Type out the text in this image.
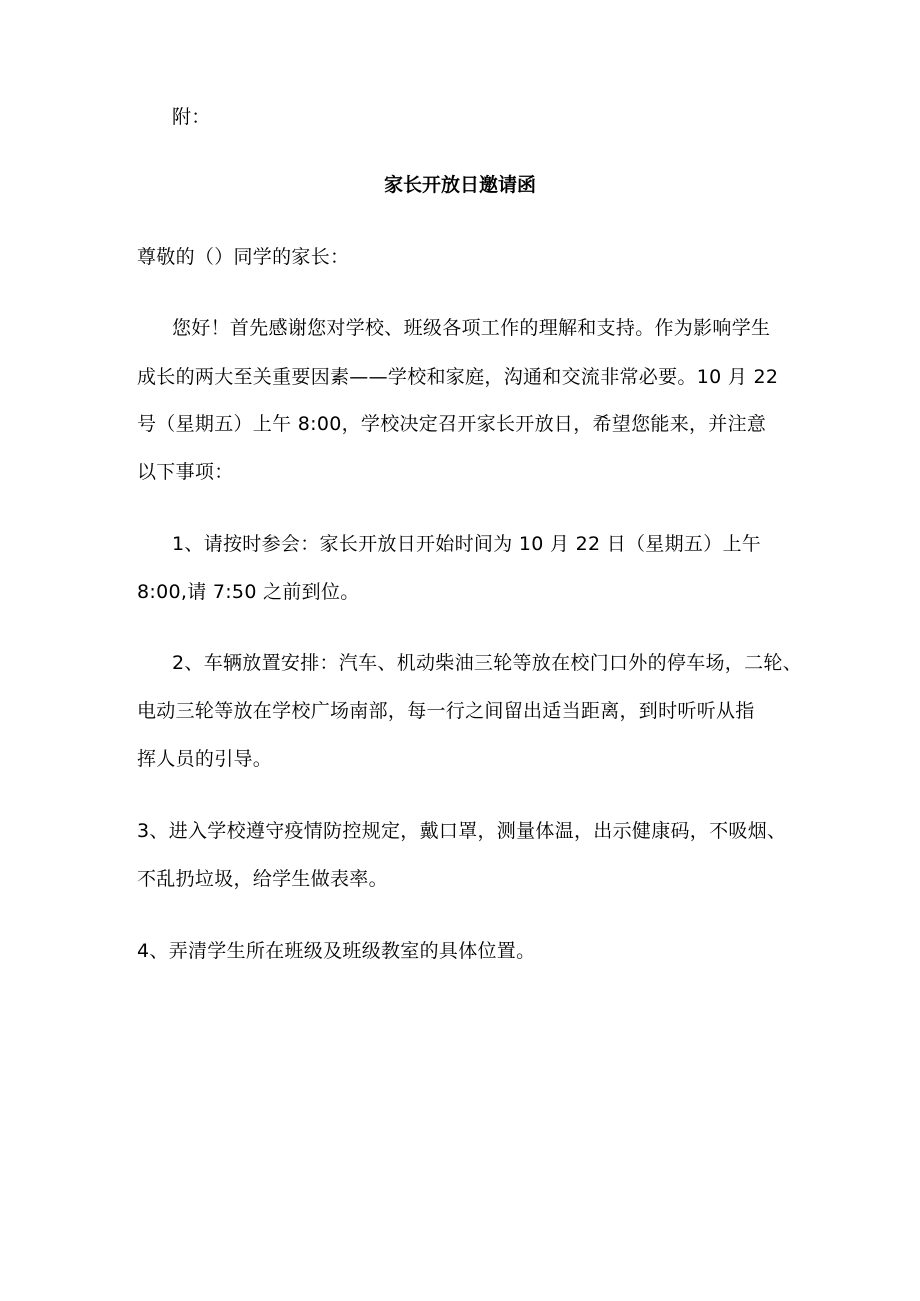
附：

家长开放日邀请函

尊敬的（）同学的家长：

您好！首先感谢您对学校、班级各项工作的理解和支持。作为影响学生

成长的两大至关重要因素——学校和家庭，沟通和交流非常必要。10 月 22

号（星期五）上午 8:00，学校决定召开家长开放日，希望您能来，并注意

以下事项：

1、请按时参会：家长开放日开始时间为 10 月 22 日（星期五）上午

8:00,请 7:50 之前到位。

2、车辆放置安排：汽车、机动柴油三轮等放在校门口外的停车场，二轮、

电动三轮等放在学校广场南部，每一行之间留出适当距离，到时听听从指

挥人员的引导。

3、进入学校遵守疫情防控规定，戴口罩，测量体温，出示健康码，不吸烟、

不乱扔垃圾，给学生做表率。

4、弄清学生所在班级及班级教室的具体位置。
